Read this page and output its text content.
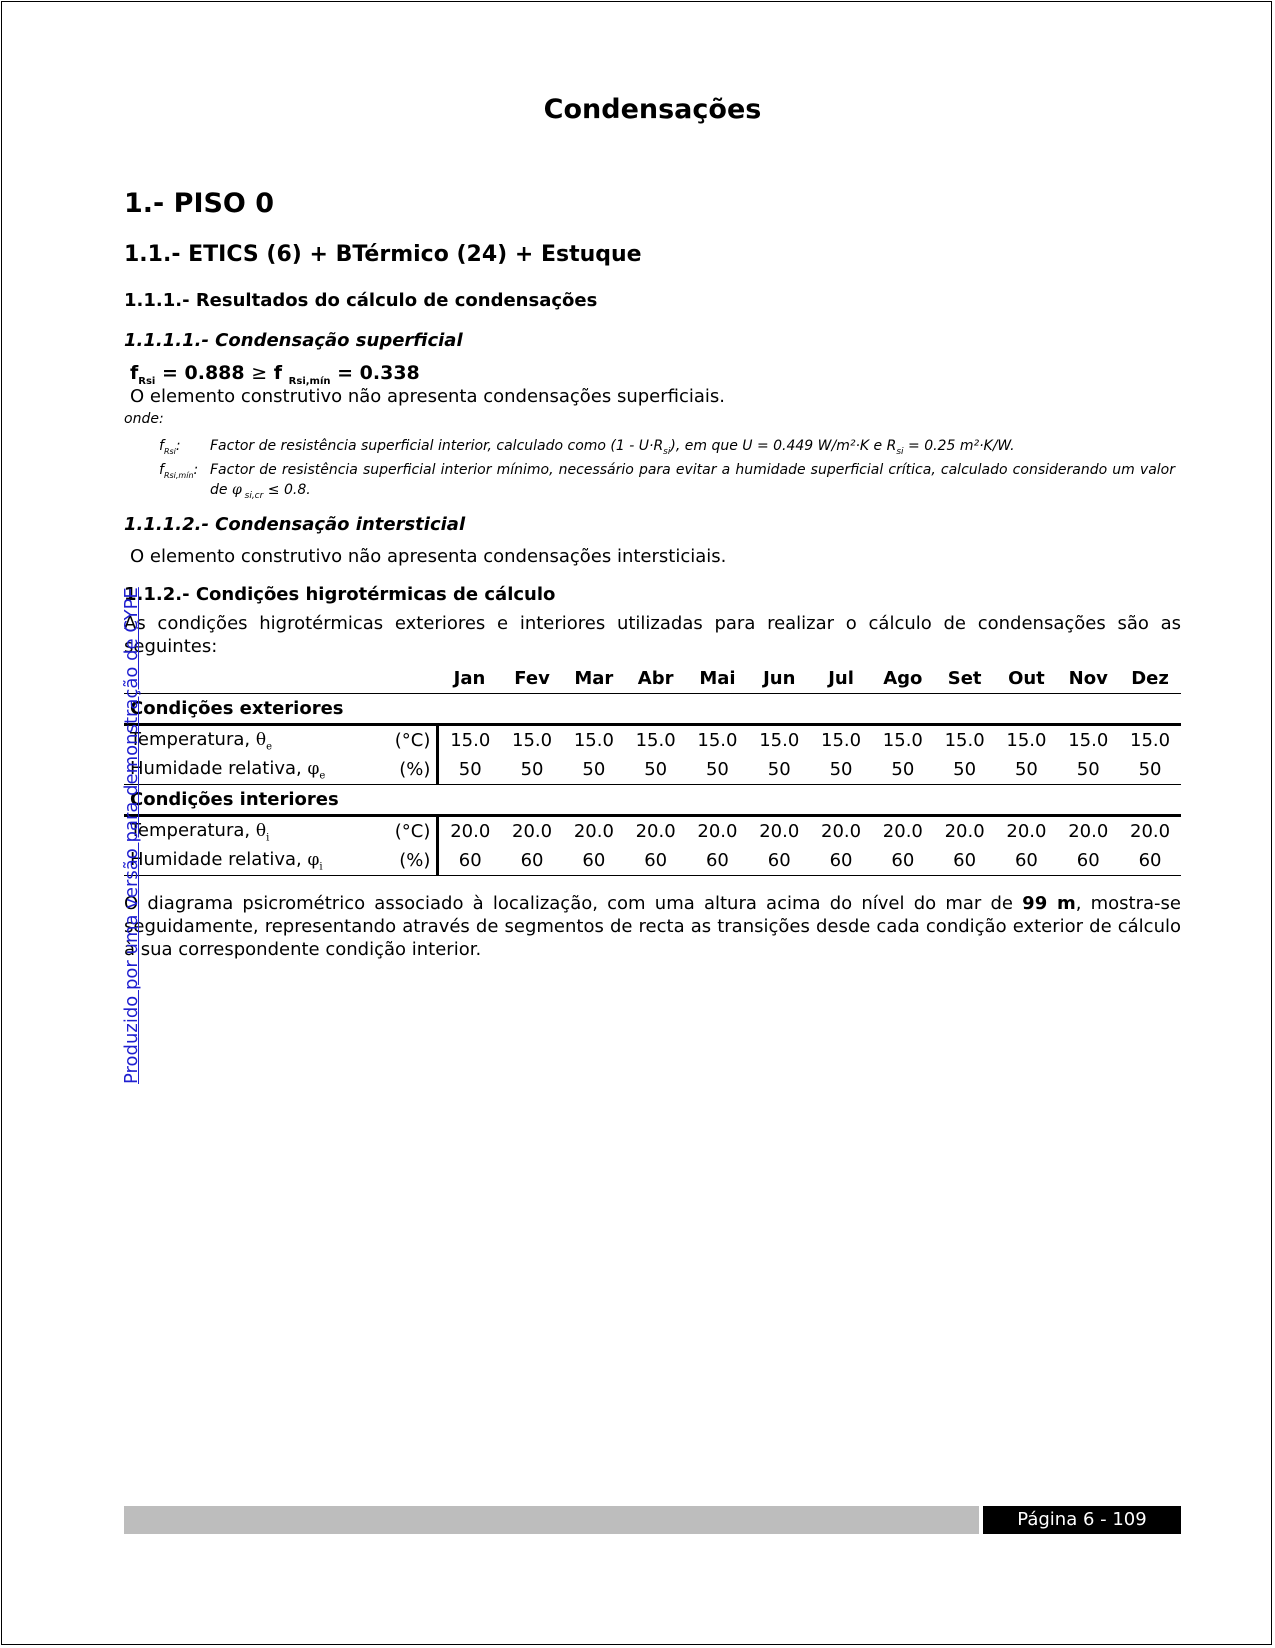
Condensações
1.- PISO 0
1.1.- ETICS (6) + BTérmico (24) + Estuque
1.1.1.- Resultados do cálculo de condensações
1.1.1.1.- Condensação superficial
$f_{Rsi} = 0.888 \ge f$ $_{Rsi,mín}$ = 0.338
O elemento construtivo não apresenta condensações superficiais.
onde:
$f_{Rsi}$: Factor de resistência superficial interior, calculado como $(1 - U\cdot R_{si})$, em que U = 0.449 W/m²·K e $R_{si} = 0.25$ m²·K/W.
$f_{Rsi,mín}$: Factor de resistência superficial interior mínimo, necessário para evitar a humidade superficial crítica, calculado considerando um valor de φ $_{si,cr}$ ≤ 0.8.
1.1.1.2.- Condensação intersticial
O elemento construtivo não apresenta condensações intersticiais.
1.1.2.- Condições higrotérmicas de cálculo
As condições higrotérmicas exteriores e interiores utilizadas para realizar o cálculo de condensações são as seguintes:
		Jan	Fev	Mar	Abr	Mai	Jun	Jul	Ago	Set	Out	Nov	Dez
Condições exteriores													
Temperatura, $\theta_e$	(°C)	15.0	15.0	15.0	15.0	15.0	15.0	15.0	15.0	15.0	15.0	15.0	15.0
Humidade relativa, $\varphi_e$	(%)	50	50	50	50	50	50	50	50	50	50	50	50
Condições interiores													
Temperatura, $\theta_i$	(°C)	20.0	20.0	20.0	20.0	20.0	20.0	20.0	20.0	20.0	20.0	20.0	20.0
Humidade relativa, $\varphi_i$	(%)	60	60	60	60	60	60	60	60	60	60	60	60
O diagrama psicrométrico associado à localização, com uma altura acima do nível do mar de 99 m, mostra-se seguidamente, representando através de segmentos de recta as transições desde cada condição exterior de cálculo à sua correspondente condição interior.
Produzido por uma versão para demonstração de CYPE
Página 6 - 109
